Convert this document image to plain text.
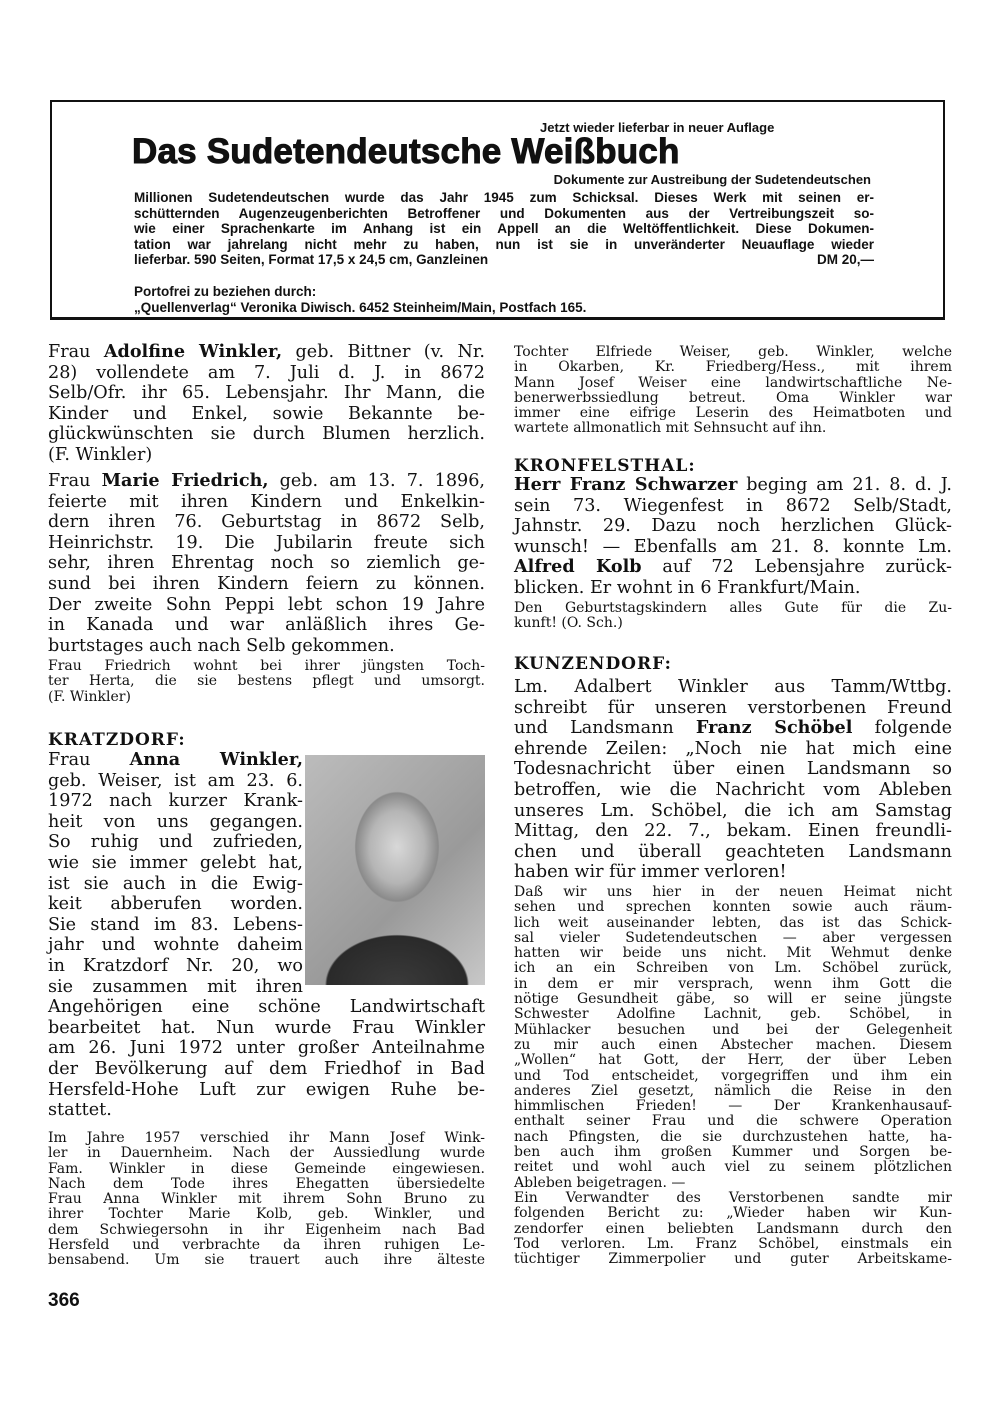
Jetzt wieder lieferbar in neuer Auflage
Das Sudetendeutsche Weißbuch
Dokumente zur Austreibung der Sudetendeutschen
Millionen Sudetendeutschen wurde das Jahr 1945 zum Schicksal. Dieses Werk mit seinen er-
schütternden Augenzeugenberichten Betroffener und Dokumenten aus der Vertreibungszeit so-
wie einer Sprachenkarte im Anhang ist ein Appell an die Weltöffentlichkeit. Diese Dokumen-
tation war jahrelang nicht mehr zu haben, nun ist sie in unveränderter Neuauflage wieder
lieferbar. 590 Seiten, Format 17,5 x 24,5 cm, Ganzleinen	DM 20,—
Portofrei zu beziehen durch:
„Quellenverlag“ Veronika Diwisch. 6452 Steinheim/Main, Postfach 165.
Frau Adolfine Winkler, geb. Bittner (v. Nr.
28) vollendete am 7. Juli d. J. in 8672
Selb/Ofr. ihr 65. Lebensjahr. Ihr Mann, die
Kinder und Enkel, sowie Bekannte be-
glückwünschten sie durch Blumen herzlich.
(F. Winkler)
Frau Marie Friedrich, geb. am 13. 7. 1896,
feierte mit ihren Kindern und Enkelkin-
dern ihren 76. Geburtstag in 8672 Selb,
Heinrichstr. 19. Die Jubilarin freute sich
sehr, ihren Ehrentag noch so ziemlich ge-
sund bei ihren Kindern feiern zu können.
Der zweite Sohn Peppi lebt schon 19 Jahre
in Kanada und war anläßlich ihres Ge-
burtstages auch nach Selb gekommen.
Frau Friedrich wohnt bei ihrer jüngsten Toch-
ter Herta, die sie bestens pflegt und umsorgt.
(F. Winkler)
KRATZDORF:
Frau Anna Winkler,
geb. Weiser, ist am 23. 6.
1972 nach kurzer Krank-
heit von uns gegangen.
So ruhig und zufrieden,
wie sie immer gelebt hat,
ist sie auch in die Ewig-
keit abberufen worden.
Sie stand im 83. Lebens-
jahr und wohnte daheim
in Kratzdorf Nr. 20, wo
sie zusammen mit ihren
Angehörigen eine schöne Landwirtschaft
bearbeitet hat. Nun wurde Frau Winkler
am 26. Juni 1972 unter großer Anteilnahme
der Bevölkerung auf dem Friedhof in Bad
Hersfeld-Hohe Luft zur ewigen Ruhe be-
stattet.
Im Jahre 1957 verschied ihr Mann Josef Wink-
ler in Dauernheim. Nach der Aussiedlung wurde
Fam. Winkler in diese Gemeinde eingewiesen.
Nach dem Tode ihres Ehegatten übersiedelte
Frau Anna Winkler mit ihrem Sohn Bruno zu
ihrer Tochter Marie Kolb, geb. Winkler, und
dem Schwiegersohn in ihr Eigenheim nach Bad
Hersfeld und verbrachte da ihren ruhigen Le-
bensabend. Um sie trauert auch ihre älteste
366
Tochter Elfriede Weiser, geb. Winkler, welche
in Okarben, Kr. Friedberg/Hess., mit ihrem
Mann Josef Weiser eine landwirtschaftliche Ne-
benerwerbssiedlung betreut. Oma Winkler war
immer eine eifrige Leserin des Heimatboten und
wartete allmonatlich mit Sehnsucht auf ihn.
KRONFELSTHAL:
Herr Franz Schwarzer beging am 21. 8. d. J.
sein 73. Wiegenfest in 8672 Selb/Stadt,
Jahnstr. 29. Dazu noch herzlichen Glück-
wunsch! — Ebenfalls am 21. 8. konnte Lm.
Alfred Kolb auf 72 Lebensjahre zurück-
blicken. Er wohnt in 6 Frankfurt/Main.
Den Geburtstagskindern alles Gute für die Zu-
kunft! (O. Sch.)
KUNZENDORF:
Lm. Adalbert Winkler aus Tamm/Wttbg.
schreibt für unseren verstorbenen Freund
und Landsmann Franz Schöbel folgende
ehrende Zeilen: „Noch nie hat mich eine
Todesnachricht über einen Landsmann so
betroffen, wie die Nachricht vom Ableben
unseres Lm. Schöbel, die ich am Samstag
Mittag, den 22. 7., bekam. Einen freundli-
chen und überall geachteten Landsmann
haben wir für immer verloren!
Daß wir uns hier in der neuen Heimat nicht
sehen und sprechen konnten sowie auch räum-
lich weit auseinander lebten, das ist das Schick-
sal vieler Sudetendeutschen — aber vergessen
hatten wir beide uns nicht. Mit Wehmut denke
ich an ein Schreiben von Lm. Schöbel zurück,
in dem er mir versprach, wenn ihm Gott die
nötige Gesundheit gäbe, so will er seine jüngste
Schwester Adolfine Lachnit, geb. Schöbel, in
Mühlacker besuchen und bei der Gelegenheit
zu mir auch einen Abstecher machen. Diesem
„Wollen“ hat Gott, der Herr, der über Leben
und Tod entscheidet, vorgegriffen und ihm ein
anderes Ziel gesetzt, nämlich die Reise in den
himmlischen Frieden! — Der Krankenhausauf-
enthalt seiner Frau und die schwere Operation
nach Pfingsten, die sie durchzustehen hatte, ha-
ben auch ihm großen Kummer und Sorgen be-
reitet und wohl auch viel zu seinem plötzlichen
Ableben beigetragen. —
Ein Verwandter des Verstorbenen sandte mir
folgenden Bericht zu: „Wieder haben wir Kun-
zendorfer einen beliebten Landsmann durch den
Tod verloren. Lm. Franz Schöbel, einstmals ein
tüchtiger Zimmerpolier und guter Arbeitskame-
